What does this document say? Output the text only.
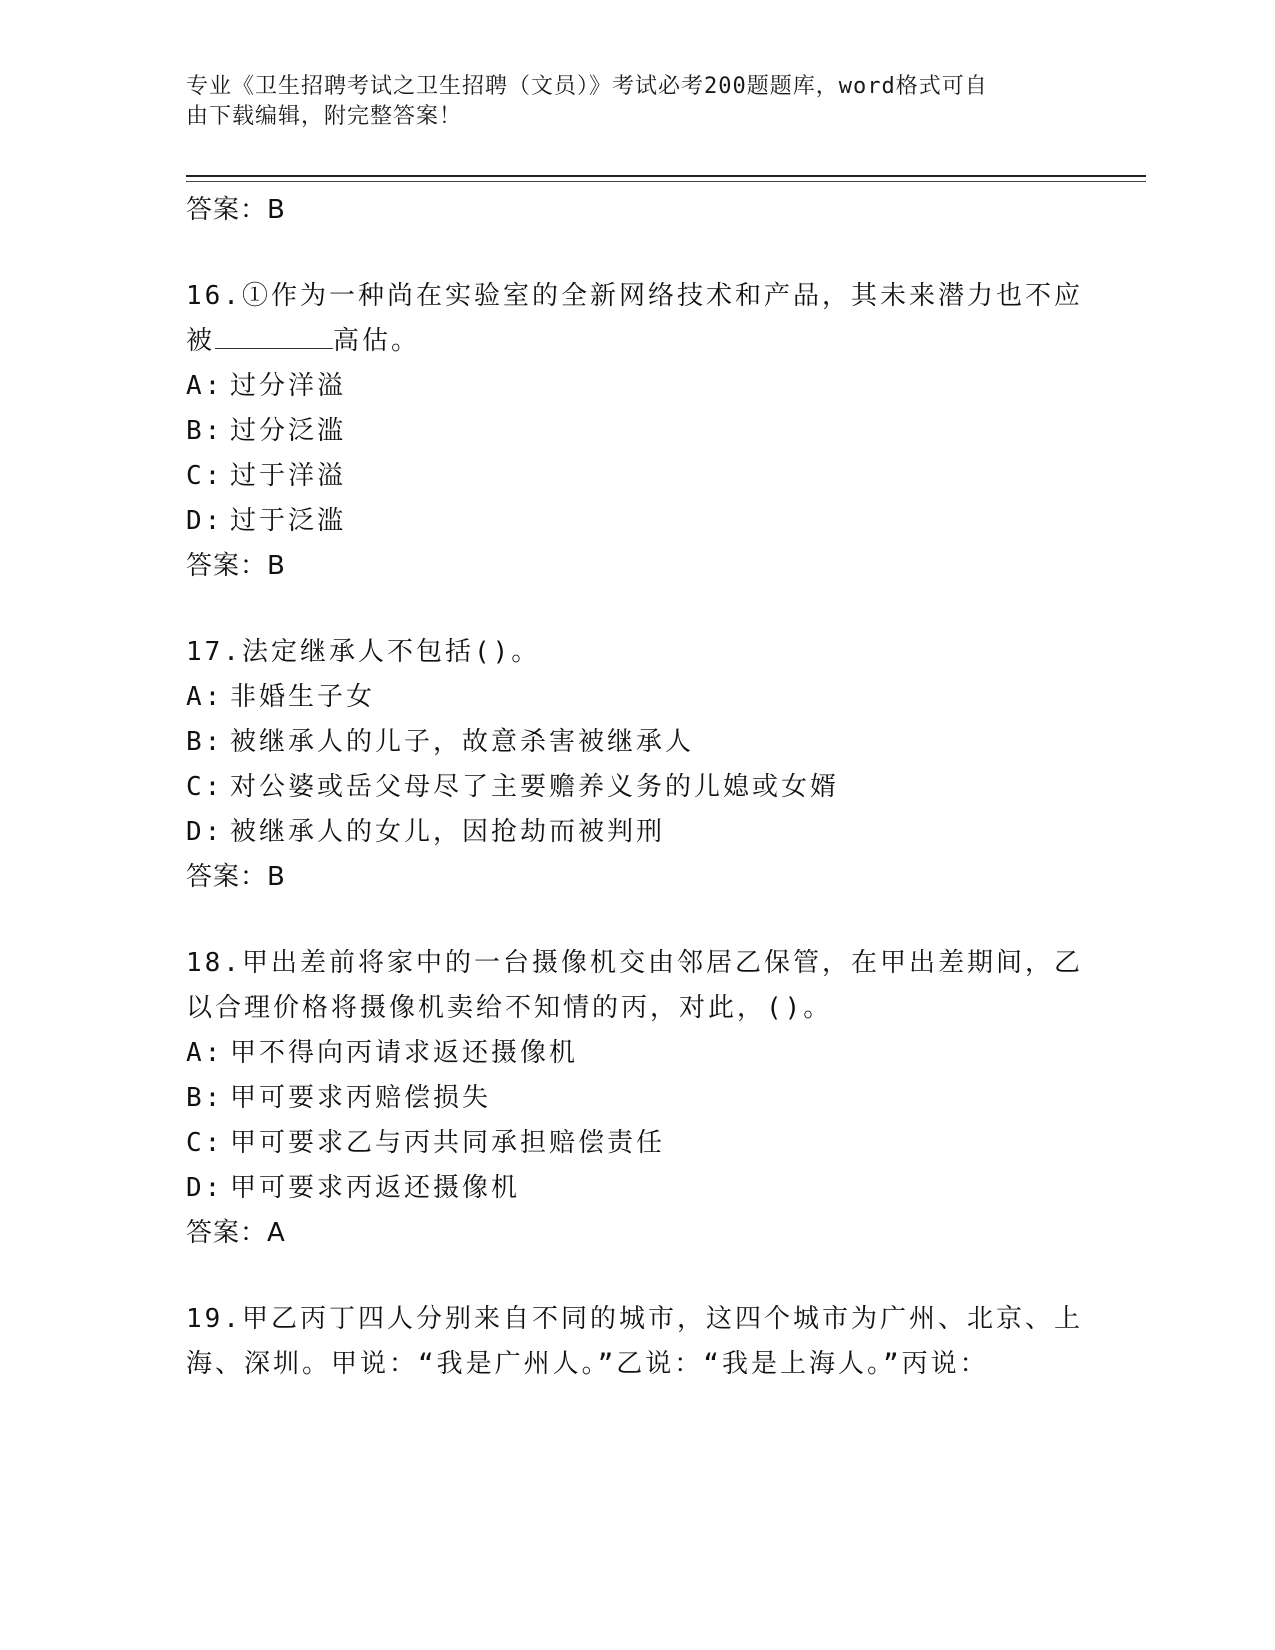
专业《卫生招聘考试之卫生招聘（文员）》考试必考200题题库，word格式可自
由下载编辑，附完整答案！

答案：B

16.①作为一种尚在实验室的全新网络技术和产品，其未来潜力也不应被	高估。

A: 过分洋溢

B: 过分泛滥

C: 过于洋溢

D: 过于泛滥

答案：B

17.法定继承人不包括()。

A: 非婚生子女

B: 被继承人的儿子，故意杀害被继承人

C: 对公婆或岳父母尽了主要赡养义务的儿媳或女婿

D: 被继承人的女儿，因抢劫而被判刑

答案：B

18.甲出差前将家中的一台摄像机交由邻居乙保管，在甲出差期间，乙以合理价格将摄像机卖给不知情的丙，对此，()。

A: 甲不得向丙请求返还摄像机

B: 甲可要求丙赔偿损失

C: 甲可要求乙与丙共同承担赔偿责任

D: 甲可要求丙返还摄像机

答案：A

19.甲乙丙丁四人分别来自不同的城市，这四个城市为广州、北京、上海、深圳。甲说：“我是广州人。”乙说：“我是上海人。”丙说：
